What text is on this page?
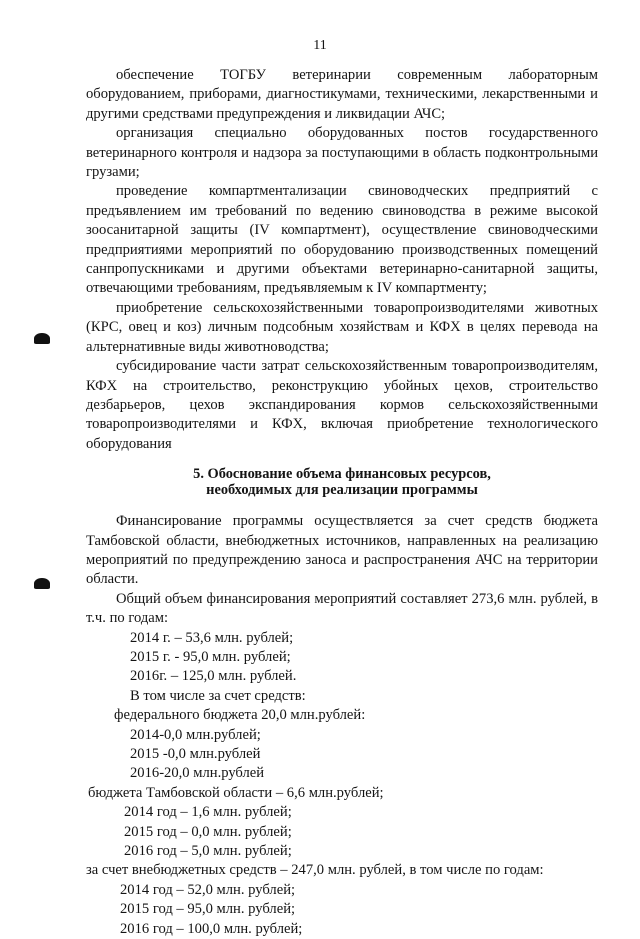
11

обеспечение ТОГБУ ветеринарии современным лабораторным оборудованием, приборами, диагностикумами, техническими, лекарственными и другими средствами предупреждения и ликвидации АЧС;

организация специально оборудованных постов государственного ветеринарного контроля и надзора за поступающими в область подконтрольными грузами;

проведение компартментализации свиноводческих предприятий с предъявлением им требований по ведению свиноводства в режиме высокой зоосанитарной защиты (IV компартмент), осуществление свиноводческими предприятиями мероприятий по оборудованию производственных помещений санпропускниками и другими объектами ветеринарно-санитарной защиты, отвечающими требованиям, предъявляемым к IV компартменту;

приобретение сельскохозяйственными товаропроизводителями животных (КРС, овец и коз) личным подсобным хозяйствам и КФХ в целях перевода на альтернативные виды животноводства;

субсидирование части затрат сельскохозяйственным товаропроизводителям, КФХ на строительство, реконструкцию убойных цехов, строительство дезбарьеров, цехов экспандирования кормов сельскохозяйственными товаропроизводителями и КФХ, включая приобретение технологического оборудования

5. Обоснование объема финансовых ресурсов,
необходимых для реализации программы

Финансирование программы осуществляется за счет средств бюджета Тамбовской области, внебюджетных источников, направленных на реализацию мероприятий по предупреждению заноса и распространения АЧС на территории области.

Общий объем финансирования мероприятий составляет 273,6 млн. рублей, в т.ч. по годам:

2014 г. – 53,6 млн. рублей;

2015 г. - 95,0 млн. рублей;

2016г. – 125,0 млн. рублей.

В том числе за счет средств:

федерального бюджета 20,0 млн.рублей:

2014-0,0 млн.рублей;

2015 -0,0 млн.рублей

2016-20,0 млн.рублей

бюджета Тамбовской области – 6,6 млн.рублей;

2014 год – 1,6 млн. рублей;

2015 год – 0,0 млн. рублей;

2016 год – 5,0 млн. рублей;

за счет внебюджетных средств – 247,0 млн. рублей, в том числе по годам:

2014 год – 52,0 млн. рублей;

2015 год – 95,0 млн. рублей;

2016 год – 100,0 млн. рублей;
